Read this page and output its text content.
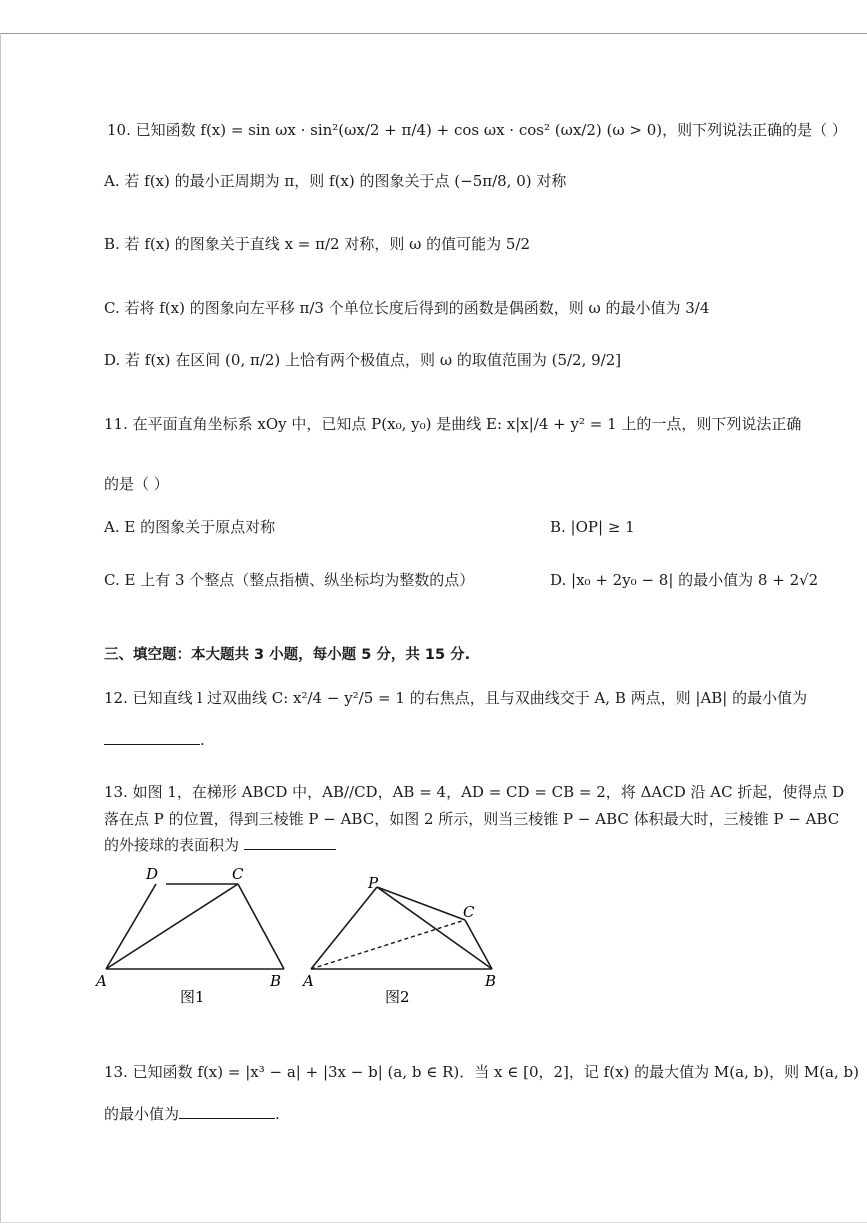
10. 已知函数 f(x) = sin ωx · sin²(ωx/2 + π/4) + cos ωx · cos² (ωx/2) (ω > 0)，则下列说法正确的是（ ）
A. 若 f(x) 的最小正周期为 π，则 f(x) 的图象关于点 (−5π/8, 0) 对称
B. 若 f(x) 的图象关于直线 x = π/2 对称，则 ω 的值可能为 5/2
C. 若将 f(x) 的图象向左平移 π/3 个单位长度后得到的函数是偶函数，则 ω 的最小值为 3/4
D. 若 f(x) 在区间 (0, π/2) 上恰有两个极值点，则 ω 的取值范围为 (5/2, 9/2]
11. 在平面直角坐标系 xOy 中，已知点 P(x₀, y₀) 是曲线 E: x|x|/4 + y² = 1 上的一点，则下列说法正确
的是（ ）
A. E 的图象关于原点对称	B. |OP| ≥ 1
C. E 上有 3 个整点（整点指横、纵坐标均为整数的点）	D. |x₀ + 2y₀ − 8| 的最小值为 8 + 2√2
三、填空题：本大题共 3 小题，每小题 5 分，共 15 分.
12. 已知直线 l 过双曲线 C: x²/4 − y²/5 = 1 的右焦点，且与双曲线交于 A, B 两点，则 |AB| 的最小值为
.
13. 如图 1，在梯形 ABCD 中，AB//CD，AB = 4，AD = CD = CB = 2，将 ΔACD 沿 AC 折起，使得点 D
落在点 P 的位置，得到三棱锥 P − ABC，如图 2 所示，则当三棱锥 P − ABC 体积最大时，三棱锥 P − ABC
的外接球的表面积为
A	B
C
D
图1
A	B
C
P
图2
13. 已知函数 f(x) = |x³ − a| + |3x − b| (a, b ∈ R)．当 x ∈ [0，2]，记 f(x) 的最大值为 M(a, b)，则 M(a, b)
的最小值为	.
